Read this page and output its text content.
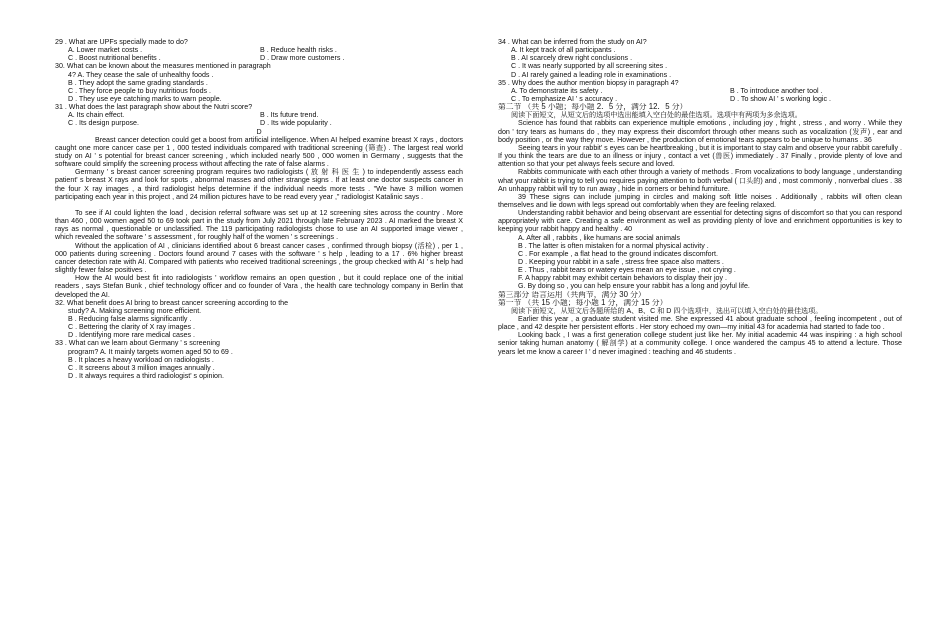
29 . What are UPFs specially made to do?
A. Lower market costs .	B . Reduce health risks .
C . Boost nutritional benefits .	D . Draw more customers .
30. What can be known about the measures mentioned in paragraph
4? A. They cease the sale of unhealthy foods .
B . They adopt the same grading standards .
C . They force people to buy nutritious foods .
D . They use eye catching marks to warn people.
31 . What does the last paragraph show about the Nutri score?
A. Its chain effect.	B . Its future trend.
C . Its design purpose.	D . Its wide popularity .
D
Breast cancer detection could get a boost from artificial intelligence. When AI helped examine breast X rays , doctors caught one more cancer case per 1 , 000 tested individuals compared with traditional screening (筛查) . The largest real world study on AI ' s potential for breast cancer screening , which included nearly 500 , 000 women in Germany , suggests that the software could simplify the screening process without affecting the rate of false alarms .
Germany ' s breast cancer screening program requires two radiologists ( 放 射 科 医 生 ) to independently assess each patient' s breast X rays and look for spots , abnormal masses and other strange signs . If at least one doctor suspects cancer in the four X ray images , a third radiologist helps determine if the individual needs more tests . "We have 3 million women participating each year in this project , and 24 million pictures have to be read every year ," radiologist Katalinic says .
To see if AI could lighten the load , decision referral software was set up at 12 screening sites across the country . More than 460 , 000 women aged 50 to 69 took part in the study from July 2021 through late February 2023 . AI marked the breast X rays as normal , questionable or unclassified. The 119 participating radiologists chose to use an AI supported image viewer , which revealed the software ' s assessment , for roughly half of the women ' s screenings .
Without the application of AI , clinicians identified about 6 breast cancer cases , confirmed through biopsy (活检) , per 1 , 000 patients during screening . Doctors found around 7 cases with the software ' s help , leading to a 17 . 6% higher breast cancer detection rate with AI. Compared with patients who received traditional screenings , the group checked with AI ' s help had slightly fewer false positives .
How the AI would best fit into radiologists ' workflow remains an open question , but it could replace one of the initial readers , says Stefan Bunk , chief technology officer and co founder of Vara , the health care technology company in Berlin that developed the AI.
32. What benefit does AI bring to breast cancer screening according to the
study? A. Making screening more efficient.
B . Reducing false alarms significantly .
C . Bettering the clarity of X ray images .
D . Identifying more rare medical cases .
33 . What can we learn about Germany ' s screening
program? A. It mainly targets women aged 50 to 69 .
B . It places a heavy workload on radiologists .
C . It screens about 3 million images annually .
D . It always requires a third radiologist' s opinion.
34 . What can be inferred from the study on AI?
A. It kept track of all participants .
B . AI scarcely drew right conclusions .
C . It was nearly supported by all screening sites .
D . AI rarely gained a leading role in examinations .
35 . Why does the author mention biopsy in paragraph 4?
A. To demonstrate its safety .	B . To introduce another tool .
C . To emphasize AI ' s accuracy .	D . To show AI ' s working logic .
第二节 （共 5 小题；每小题 2．5 分，满分 12．5 分）
阅读下面短文，从短文后的选项中选出能填入空白处的最佳选项。选项中有两项为多余选项。
Science has found that rabbits can experience multiple emotions , including joy , fright , stress , and worry . While they don ' tcry tears as humans do , they may express their discomfort through other means such as vocalization (发声) , ear and body position , or the way they move. However , the production of emotional tears appears to be unique to humans . 36
Seeing tears in your rabbit' s eyes can be heartbreaking , but it is important to stay calm and observe your rabbit carefully . If you think the tears are due to an illness or injury , contact a vet (兽医) immediately . 37 Finally , provide plenty of love and attention so that your pet always feels secure and loved.
Rabbits communicate with each other through a variety of methods . From vocalizations to body language , understanding what your rabbit is trying to tell you requires paying attention to both verbal ( 口头的) and , most commonly , nonverbal clues . 38 An unhappy rabbit will try to run away , hide in corners or behind furniture.
39 These signs can include jumping in circles and making soft little noises . Additionally , rabbits will often clean themselves and lie down with legs spread out comfortably when they are feeling relaxed.
Understanding rabbit behavior and being observant are essential for detecting signs of discomfort so that you can respond appropriately with care. Creating a safe environment as well as providing plenty of love and enrichment opportunities is key to keeping your rabbit happy and healthy . 40
A. After all , rabbits , like humans are social animals
B . The latter is often mistaken for a normal physical activity .
C . For example , a flat head to the ground indicates discomfort.
D . Keeping your rabbit in a safe , stress free space also matters .
E . Thus , rabbit tears or watery eyes mean an eye issue , not crying .
F. A happy rabbit may exhibit certain behaviors to display their joy .
G. By doing so , you can help ensure your rabbit has a long and joyful life.
第三部分 语言运用（共两节，满分 30 分）
第一节 （共 15 小题；每小题 1 分，满分 15 分）
阅读下面短文，从短文后各题所给的 A、B、C 和 D 四个选项中，选出可以填入空白处的最佳选项。
Earlier this year , a graduate student visited me. She expressed 41 about graduate school , feeling incompetent , out of place , and 42 despite her persistent efforts . Her story echoed my own—my initial 43 for academia had started to fade too .
Looking back , I was a first generation college student just like her. My initial academic 44 was inspiring : a high school senior taking human anatomy ( 解剖学) at a community college. I once wandered the campus 45 to attend a lecture. Those years let me know a career I ' d never imagined : teaching and 46 students .
